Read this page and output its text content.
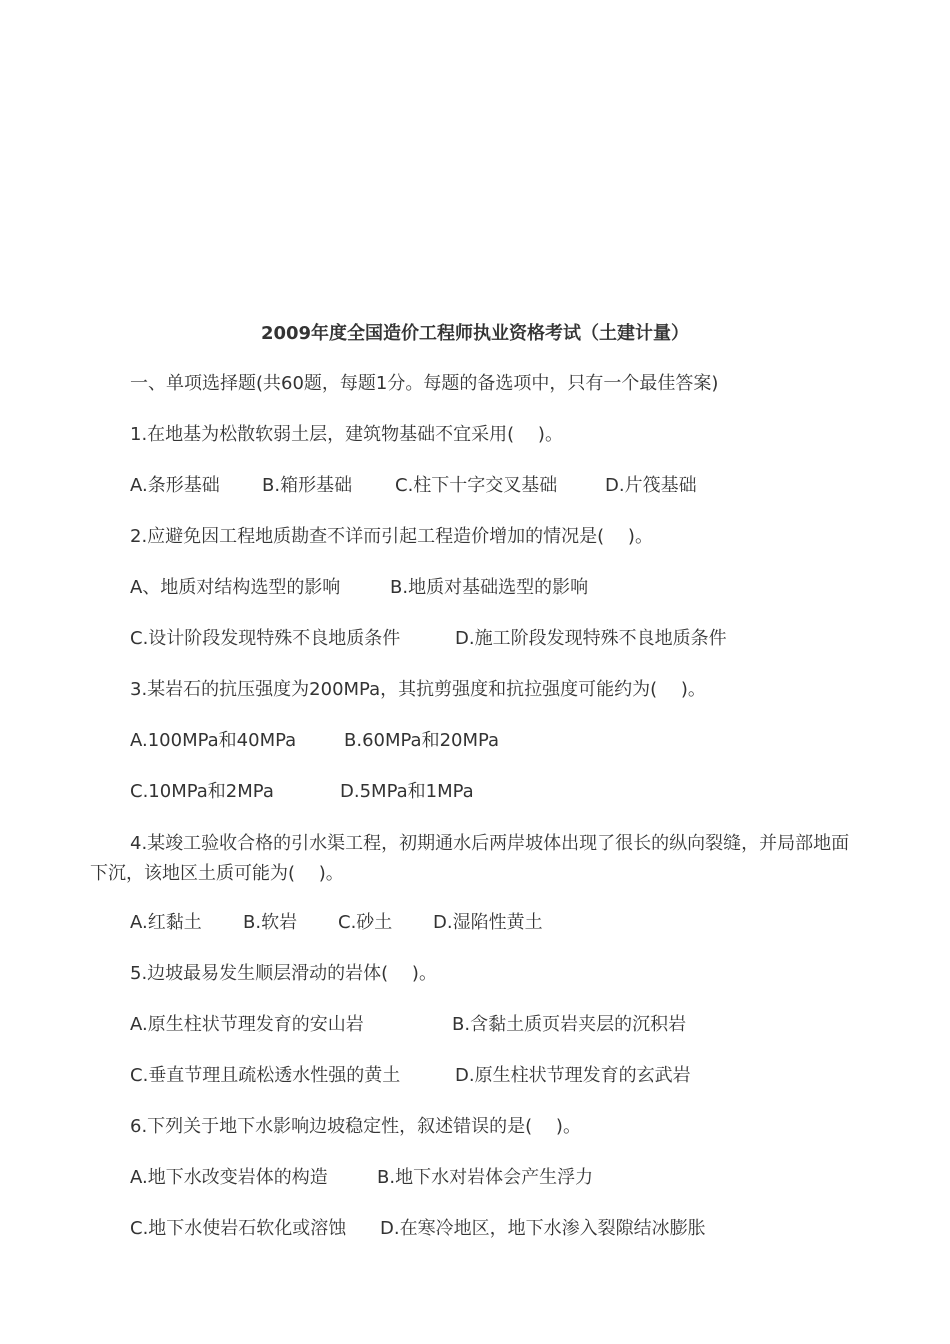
2009年度全国造价工程师执业资格考试（土建计量）
一、单项选择题(共60题，每题1分。每题的备选项中，只有一个最佳答案)
1.在地基为松散软弱土层，建筑物基础不宜采用(　 )。
A.条形基础 B.箱形基础 C.柱下十字交叉基础	D.片筏基础
2.应避免因工程地质勘查不详而引起工程造价增加的情况是(　 )。
A、地质对结构选型的影响	B.地质对基础选型的影响
C.设计阶段发现特殊不良地质条件	D.施工阶段发现特殊不良地质条件
3.某岩石的抗压强度为200MPa，其抗剪强度和抗拉强度可能约为(　 )。
A.100MPa和40MPa	B.60MPa和20MPa
C.10MPa和2MPa	D.5MPa和1MPa
4.某竣工验收合格的引水渠工程，初期通水后两岸坡体出现了很长的纵向裂缝，并局部地面下沉，该地区土质可能为(　 )。
A.红黏土 B.软岩 C.砂土 D.湿陷性黄土
5.边坡最易发生顺层滑动的岩体(　 )。
A.原生柱状节理发育的安山岩	B.含黏土质页岩夹层的沉积岩
C.垂直节理且疏松透水性强的黄土	D.原生柱状节理发育的玄武岩
6.下列关于地下水影响边坡稳定性，叙述错误的是(　 )。
A.地下水改变岩体的构造	B.地下水对岩体会产生浮力
C.地下水使岩石软化或溶蚀 D.在寒冷地区，地下水渗入裂隙结冰膨胀
